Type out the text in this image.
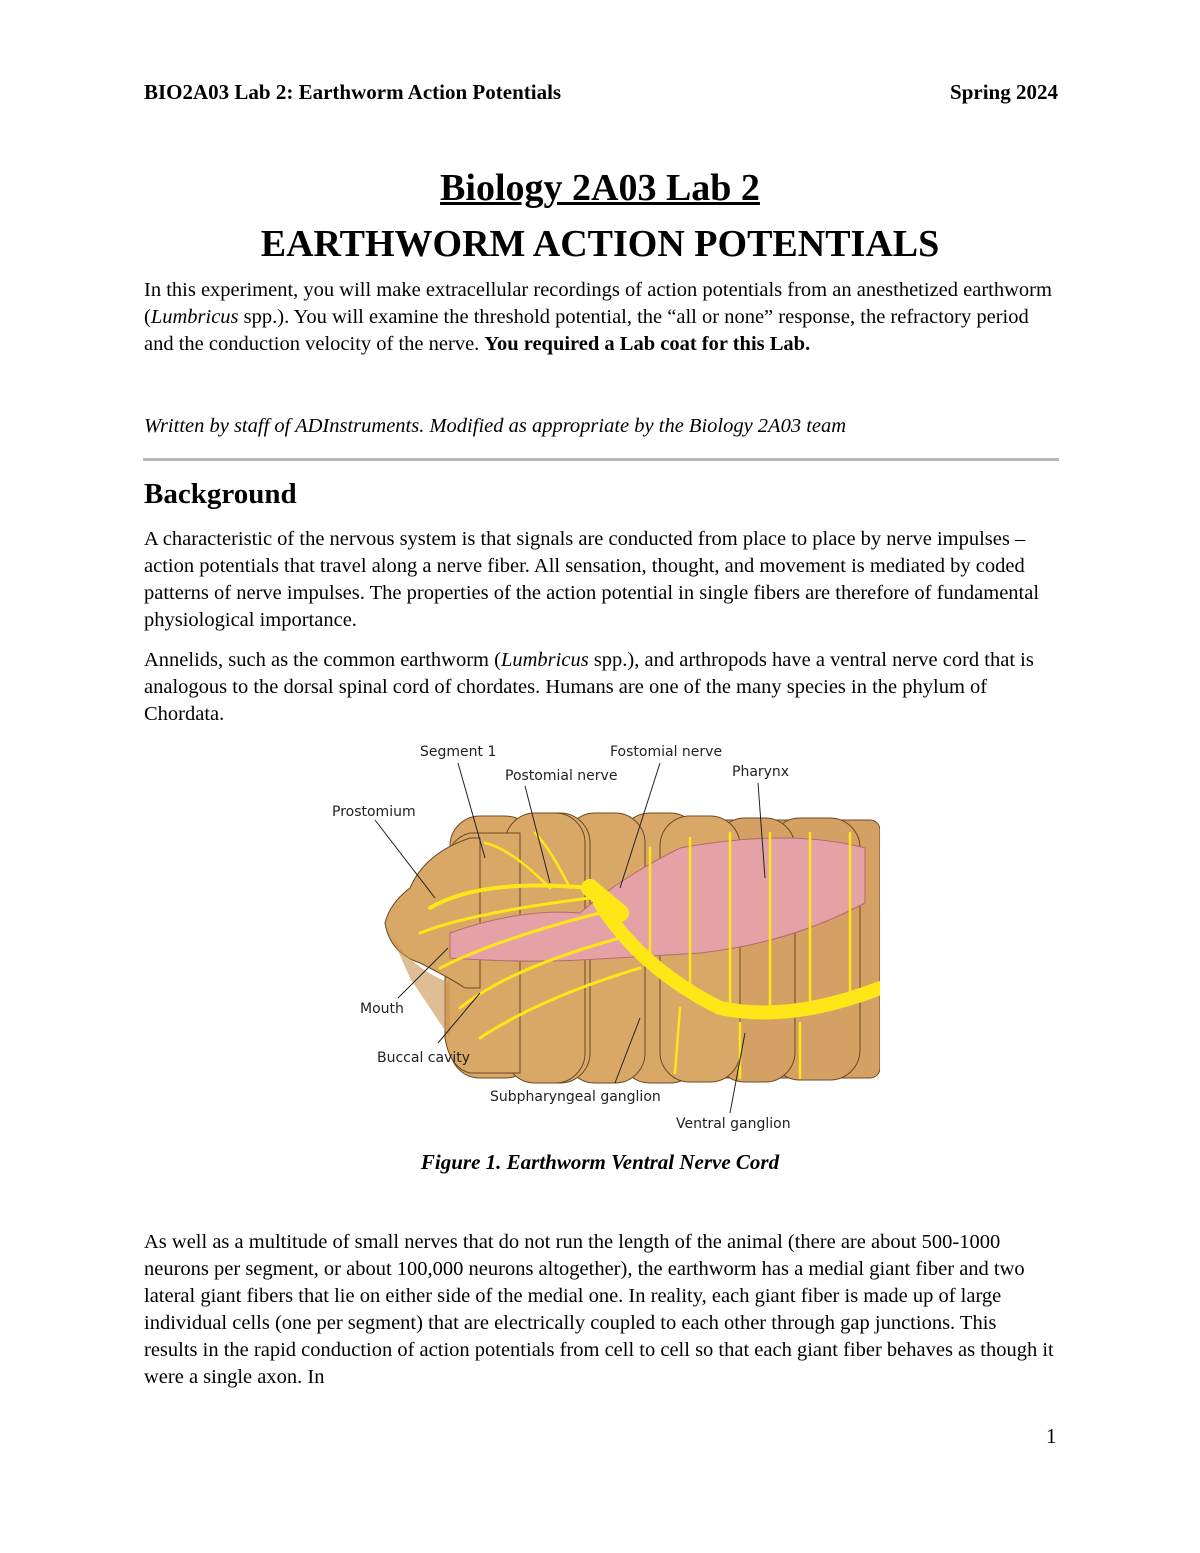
BIO2A03 Lab 2: Earthworm Action Potentials	Spring 2024
Biology 2A03 Lab 2
EARTHWORM ACTION POTENTIALS
In this experiment, you will make extracellular recordings of action potentials from an anesthetized earthworm (Lumbricus spp.). You will examine the threshold potential, the “all or none” response, the refractory period and the conduction velocity of the nerve. You required a Lab coat for this Lab.
Written by staff of ADInstruments. Modified as appropriate by the Biology 2A03 team
Background
A characteristic of the nervous system is that signals are conducted from place to place by nerve impulses – action potentials that travel along a nerve fiber. All sensation, thought, and movement is mediated by coded patterns of nerve impulses. The properties of the action potential in single fibers are therefore of fundamental physiological importance.
Annelids, such as the common earthworm (Lumbricus spp.), and arthropods have a ventral nerve cord that is analogous to the dorsal spinal cord of chordates. Humans are one of the many species in the phylum of Chordata.
Segment 1
Postomial nerve
Fostomial nerve
Pharynx
Prostomium
Mouth
Buccal cavity
Subpharyngeal ganglion
Ventral ganglion
Figure 1. Earthworm Ventral Nerve Cord
As well as a multitude of small nerves that do not run the length of the animal (there are about 500-1000 neurons per segment, or about 100,000 neurons altogether), the earthworm has a medial giant fiber and two lateral giant fibers that lie on either side of the medial one. In reality, each giant fiber is made up of large individual cells (one per segment) that are electrically coupled to each other through gap junctions. This results in the rapid conduction of action potentials from cell to cell so that each giant fiber behaves as though it were a single axon. In
1
